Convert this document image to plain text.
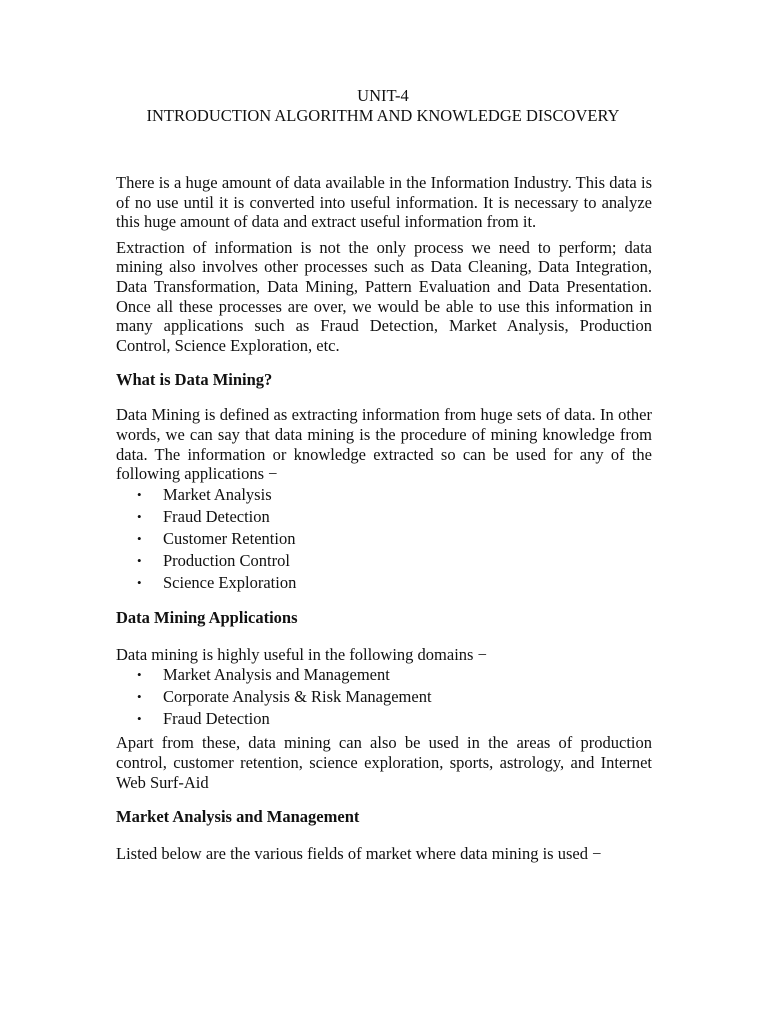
UNIT-4
INTRODUCTION ALGORITHM AND KNOWLEDGE DISCOVERY

There is a huge amount of data available in the Information Industry. This data is of no use until it is converted into useful information. It is necessary to analyze this huge amount of data and extract useful information from it.

Extraction of information is not the only process we need to perform; data mining also involves other processes such as Data Cleaning, Data Integration, Data Transformation, Data Mining, Pattern Evaluation and Data Presentation. Once all these processes are over, we would be able to use this information in many applications such as Fraud Detection, Market Analysis, Production Control, Science Exploration, etc.

What is Data Mining?

Data Mining is defined as extracting information from huge sets of data. In other words, we can say that data mining is the procedure of mining knowledge from data. The information or knowledge extracted so can be used for any of the following applications −

• Market Analysis
• Fraud Detection
• Customer Retention
• Production Control
• Science Exploration

Data Mining Applications

Data mining is highly useful in the following domains −

• Market Analysis and Management
• Corporate Analysis & Risk Management
• Fraud Detection

Apart from these, data mining can also be used in the areas of production control, customer retention, science exploration, sports, astrology, and Internet Web Surf-Aid

Market Analysis and Management

Listed below are the various fields of market where data mining is used −
